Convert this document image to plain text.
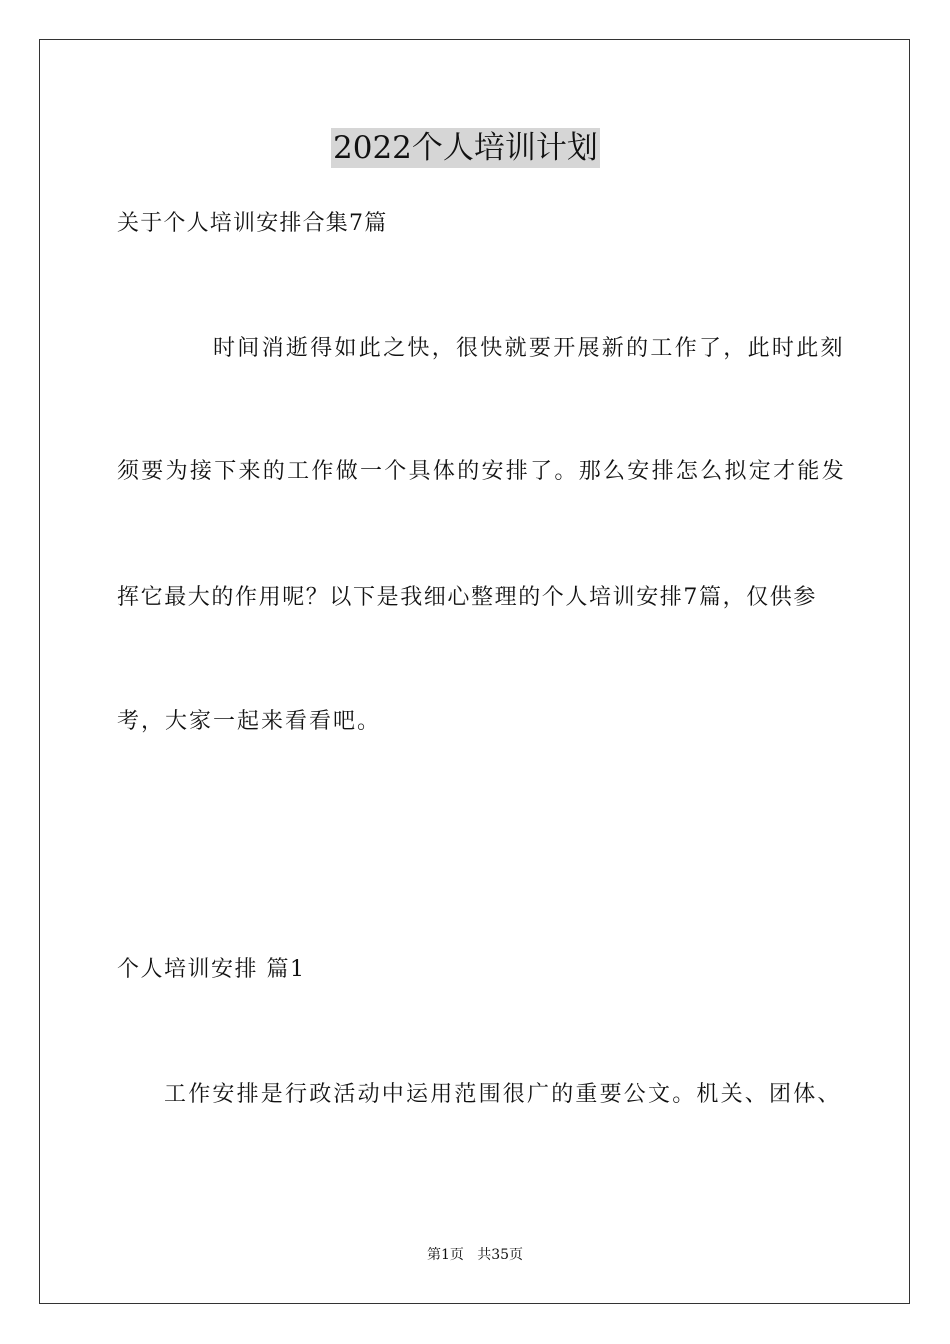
2022个人培训计划
关于个人培训安排合集7篇
时间消逝得如此之快，很快就要开展新的工作了，此时此刻
须要为接下来的工作做一个具体的安排了。那么安排怎么拟定才能发
挥它最大的作用呢？以下是我细心整理的个人培训安排7篇，仅供参
考，大家一起来看看吧。
个人培训安排 篇1
工作安排是行政活动中运用范围很广的重要公文。机关、团体、
第1页   共35页
